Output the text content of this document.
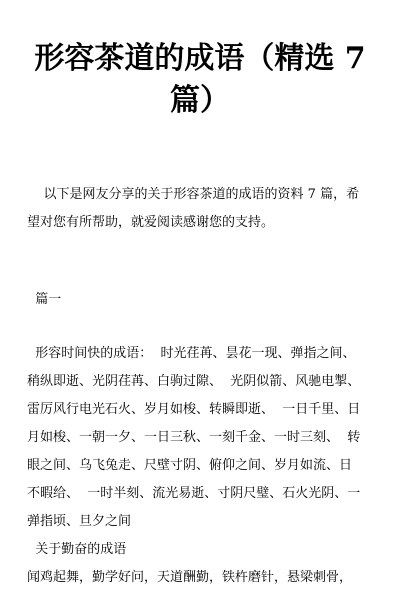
形容茶道的成语（精选 7 篇）
以下是网友分享的关于形容茶道的成语的资料 7 篇，希
望对您有所帮助，就爱阅读感谢您的支持。
篇一
形容时间快的成语：  时光荏苒、昙花一现、弹指之间、
稍纵即逝、光阴荏苒、白驹过隙、  光阴似箭、风驰电掣、
雷厉风行电光石火、岁月如梭、转瞬即逝、  一日千里、日
月如梭、一朝一夕、一日三秋、一刻千金、一时三刻、  转
眼之间、乌飞兔走、尺壁寸阴、俯仰之间、岁月如流、日
不暇给、  一时半刻、流光易逝、寸阴尺璧、石火光阴、一
弹指顷、旦夕之间
关于勤奋的成语
闻鸡起舞，勤学好问，天道酬勤，铁杵磨针，悬梁刺骨，
